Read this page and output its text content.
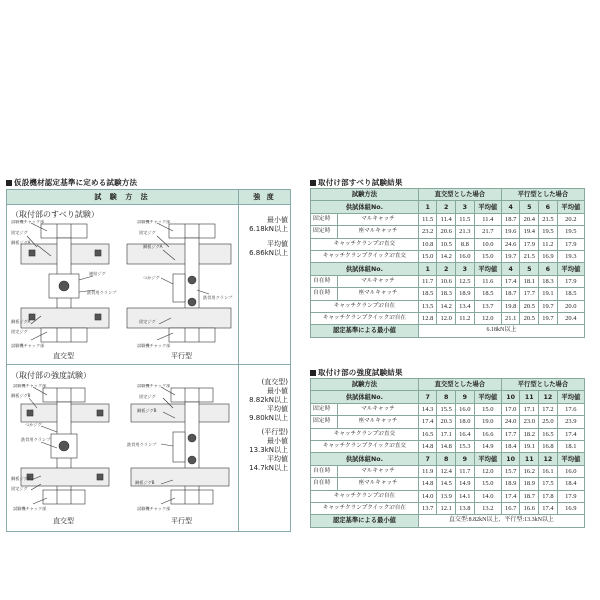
仮設機材認定基準に定める試験方法
試 験 方 法	強 度
（取付部のすべり試験）
最小値
6.18kN以上
平均値
6.86kN以上
試験機チャック部
固定ジグ
鋼板ジグA
連結ジグ
鉄骨用クランプ
鋼板ジグA
固定ジグ
試験機チャック部
試験機チャック部
固定ジグ
鋼板ジグA
つかジグ
鉄骨用クランプ
固定ジグ
試験機チャック部
直交型	平行型
（取付部の強度試験）
(直交型)
最小値
8.82kN以上
平均値
9.80kN以上
(平行型)
最小値
13.3kN以上
平均値
14.7kN以上
試験機チャック部
鋼板ジグB
つかジグ
鉄骨用クランプ
鋼板ジグB
固定ジグ
試験機チャック部
試験機チャック部
固定ジグ
鋼板ジグB
鉄骨用クランプ
鋼板ジグB
試験機チャック部
直交型	平行型
取付け部すべり試験結果
試験方法		直交型とした場合				平行型とした場合			
供試体組No.		1	2	3	平均値	4	5	6	平均値
固定時	マルキャッチ	11.5	11.4	11.5	11.4	18.7	20.4	21.5	20.2
固定時	座マルキャッチ	23.2	20.6	21.3	21.7	19.6	19.4	19.5	19.5
キャッチクランプ37直交		10.8	10.5	8.8	10.0	24.6	17.9	11.2	17.9
キャッチクランプクイック37直交		15.0	14.2	16.0	15.0	19.7	21.5	16.9	19.3
供試体組No.		1	2	3	平均値	4	5	6	平均値
自在時	マルキャッチ	11.7	10.6	12.5	11.6	17.4	18.1	18.3	17.9
自在時	座マルキャッチ	18.5	18.3	18.9	18.5	18.7	17.7	19.1	18.5
キャッチクランプ37自在		13.5	14.2	13.4	13.7	19.8	20.5	19.7	20.0
キャッチクランプクイック37自在		12.8	12.0	11.2	12.0	21.1	20.5	19.7	20.4
認定基準による最小値		6.18kN以上							
取付け部の強度試験結果
試験方法		直交型とした場合				平行型とした場合			
供試体組No.		7	8	9	平均値	10	11	12	平均値
固定時	マルキャッチ	14.3	15.5	16.0	15.0	17.0	17.1	17.2	17.6
固定時	座マルキャッチ	17.4	20.3	18.0	19.0	24.0	23.0	25.0	23.9
キャッチクランプ37直交		16.5	17.1	16.4	16.6	17.7	18.2	16.5	17.4
キャッチクランプクイック37直交		14.8	14.8	15.3	14.9	18.4	19.1	16.8	18.1
供試体組No.		7	8	9	平均値	10	11	12	平均値
自在時	マルキャッチ	11.9	12.4	11.7	12.0	15.7	16.2	16.1	16.0
自在時	座マルキャッチ	14.8	14.5	14.9	15.0	18.9	18.9	17.5	18.4
キャッチクランプ37自在		14.0	13.9	14.1	14.0	17.4	18.7	17.8	17.9
キャッチクランプクイック37自在		13.7	12.1	13.8	13.2	16.7	16.6	17.4	16.9
認定基準による最小値		直交型:8.82kN以上、平行型:13.3kN以上							
